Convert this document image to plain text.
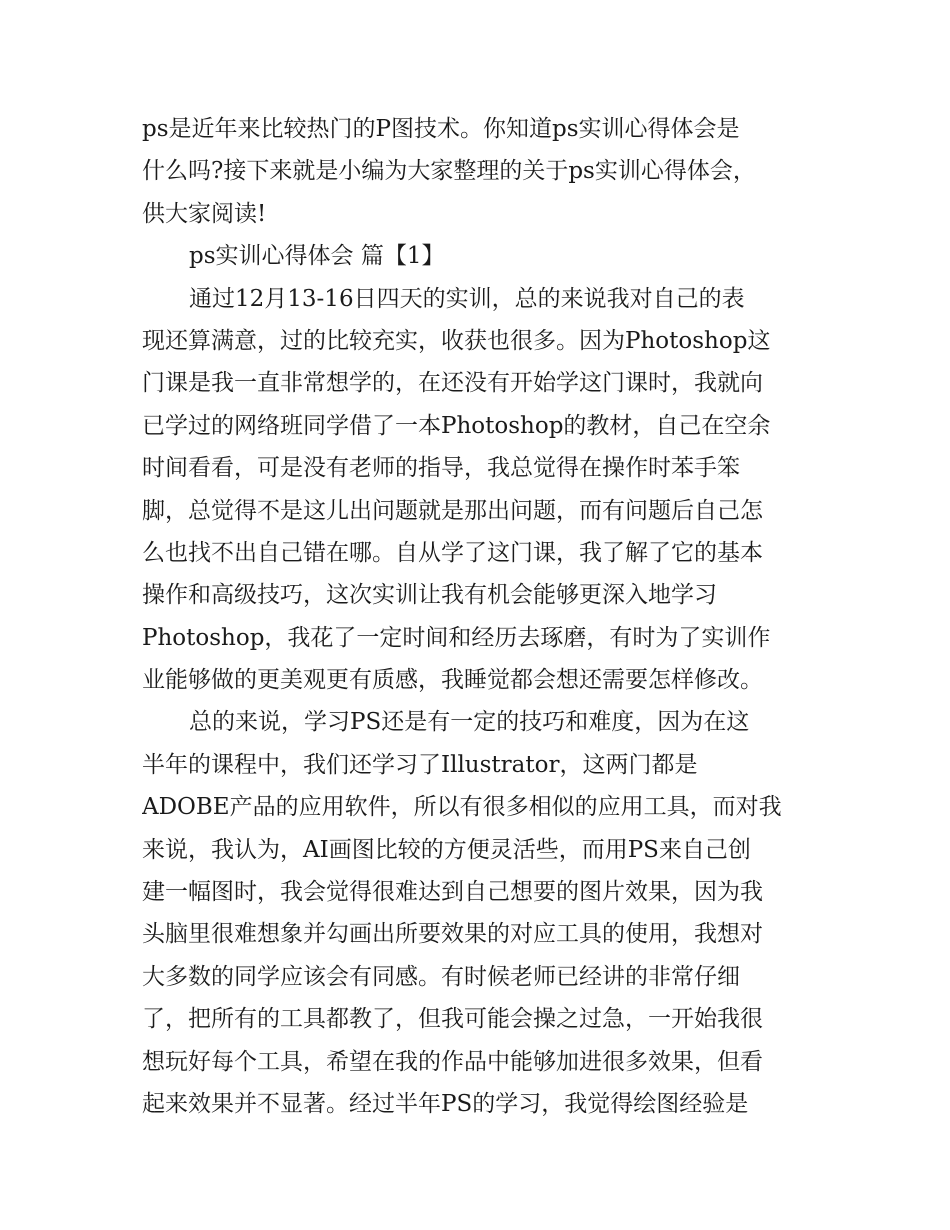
ps是近年来比较热门的P图技术。你知道ps实训心得体会是
什么吗?接下来就是小编为大家整理的关于ps实训心得体会，
供大家阅读!
ps实训心得体会 篇【1】
通过12月13-16日四天的实训，总的来说我对自己的表
现还算满意，过的比较充实，收获也很多。因为Photoshop这
门课是我一直非常想学的，在还没有开始学这门课时，我就向
已学过的网络班同学借了一本Photoshop的教材，自己在空余
时间看看，可是没有老师的指导，我总觉得在操作时苯手笨
脚，总觉得不是这儿出问题就是那出问题，而有问题后自己怎
么也找不出自己错在哪。自从学了这门课，我了解了它的基本
操作和高级技巧，这次实训让我有机会能够更深入地学习
Photoshop，我花了一定时间和经历去琢磨，有时为了实训作
业能够做的更美观更有质感，我睡觉都会想还需要怎样修改。
总的来说，学习PS还是有一定的技巧和难度，因为在这
半年的课程中，我们还学习了Illustrator，这两门都是
ADOBE产品的应用软件，所以有很多相似的应用工具，而对我
来说，我认为，AI画图比较的方便灵活些，而用PS来自己创
建一幅图时，我会觉得很难达到自己想要的图片效果，因为我
头脑里很难想象并勾画出所要效果的对应工具的使用，我想对
大多数的同学应该会有同感。有时候老师已经讲的非常仔细
了，把所有的工具都教了，但我可能会操之过急，一开始我很
想玩好每个工具，希望在我的作品中能够加进很多效果，但看
起来效果并不显著。经过半年PS的学习，我觉得绘图经验是
